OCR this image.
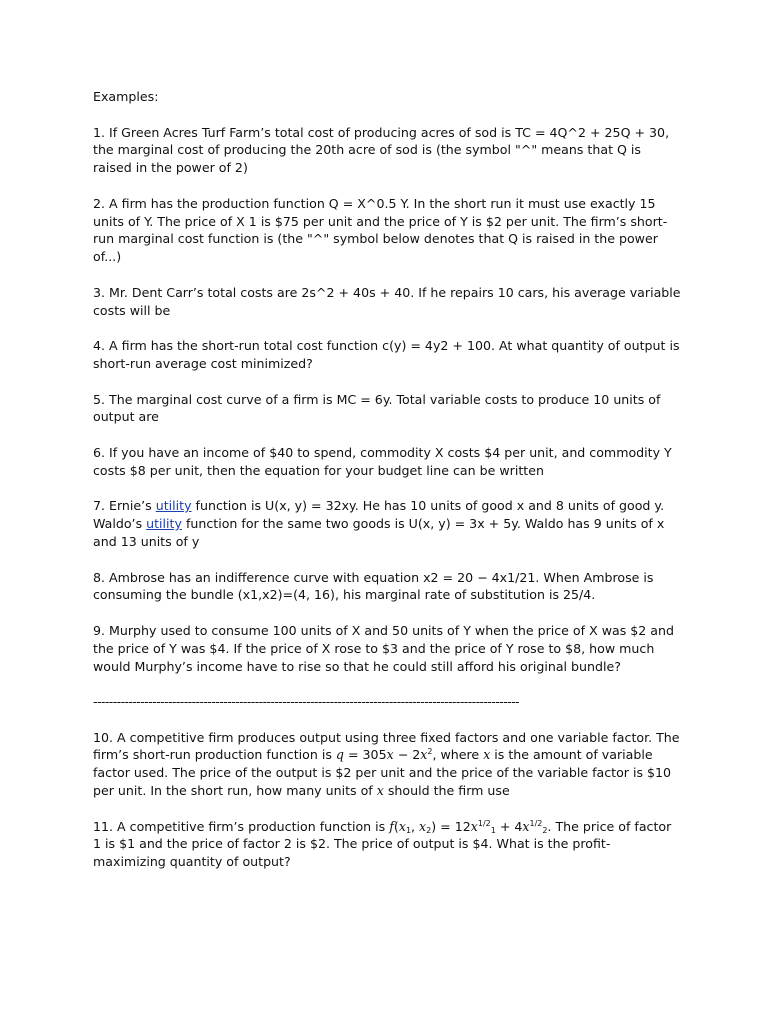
Examples:
1. If Green Acres Turf Farm’s total cost of producing acres of sod is TC = 4Q^2 + 25Q + 30, the marginal cost of producing the 20th acre of sod is (the symbol "^" means that Q is raised in the power of 2)
2. A firm has the production function Q = X^0.5 Y. In the short run it must use exactly 15 units of Y. The price of X 1 is $75 per unit and the price of Y is $2 per unit. The firm’s short-run marginal cost function is (the "^" symbol below denotes that Q is raised in the power of...)
3. Mr. Dent Carr’s total costs are 2s^2 + 40s + 40. If he repairs 10 cars, his average variable costs will be
4. A firm has the short-run total cost function c(y) = 4y2 + 100. At what quantity of output is short-run average cost minimized?
5. The marginal cost curve of a firm is MC = 6y. Total variable costs to produce 10 units of output are
6. If you have an income of $40 to spend, commodity X costs $4 per unit, and commodity Y costs $8 per unit, then the equation for your budget line can be written
7. Ernie’s utility function is U(x, y) = 32xy. He has 10 units of good x and 8 units of good y. Waldo’s utility function for the same two goods is U(x, y) = 3x + 5y. Waldo has 9 units of x and 13 units of y
8. Ambrose has an indifference curve with equation x2 = 20 − 4x1/21. When Ambrose is consuming the bundle (x1,x2)=(4, 16), his marginal rate of substitution is 25/4.
9. Murphy used to consume 100 units of X and 50 units of Y when the price of X was $2 and the price of Y was $4. If the price of X rose to $3 and the price of Y rose to $8, how much would Murphy’s income have to rise so that he could still afford his original bundle?
------------------------------------------------------------------------------------------------------------
10. A competitive firm produces output using three fixed factors and one variable factor. The firm’s short-run production function is $q = 305x - 2x^2$, where x is the amount of variable factor used. The price of the output is $2 per unit and the price of the variable factor is $10 per unit. In the short run, how many units of x should the firm use
11. A competitive firm’s production function is $f(x_1$, $x_2) = 12x^{1/2}_1 + 4x^{1/2}_2$. The price of factor 1 is $1 and the price of factor 2 is $2. The price of output is $4. What is the profit-maximizing quantity of output?
